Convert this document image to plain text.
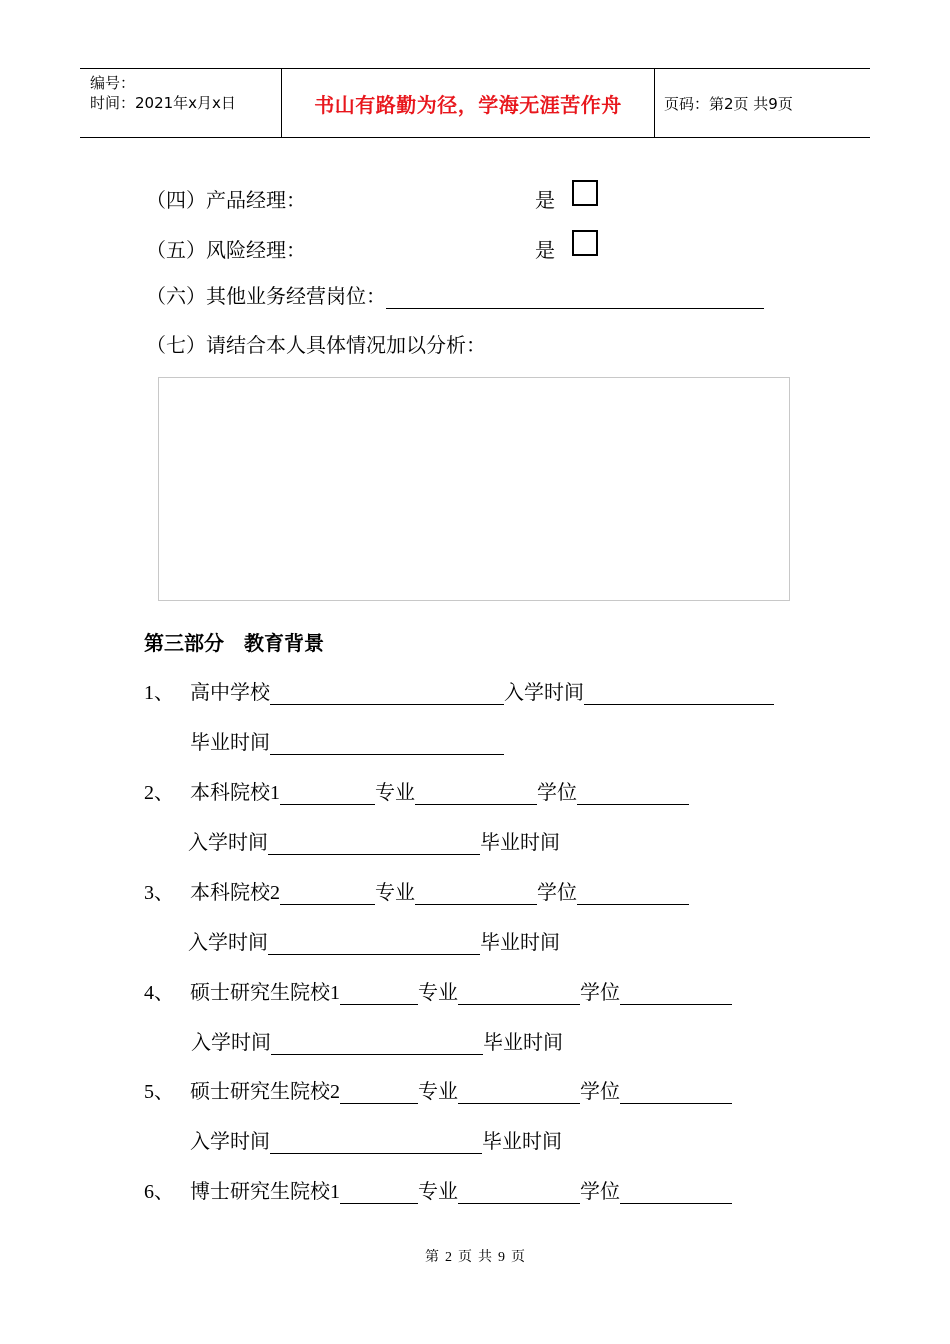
编号：
时间：2021年x月x日	书山有路勤为径，学海无涯苦作舟	页码：第2页 共9页
（四）产品经理：	是
（五）风险经理：	是
（六）其他业务经营岗位：
（七）请结合本人具体情况加以分析：
第三部分　教育背景
1、 高中学校	入学时间
毕业时间
2、 本科院校1	专业	学位
入学时间	毕业时间
3、 本科院校2	专业	学位
入学时间	毕业时间
4、 硕士研究生院校1	专业	学位
入学时间	毕业时间
5、 硕士研究生院校2	专业	学位
入学时间	毕业时间
6、 博士研究生院校1	专业	学位
第 2 页 共 9 页
